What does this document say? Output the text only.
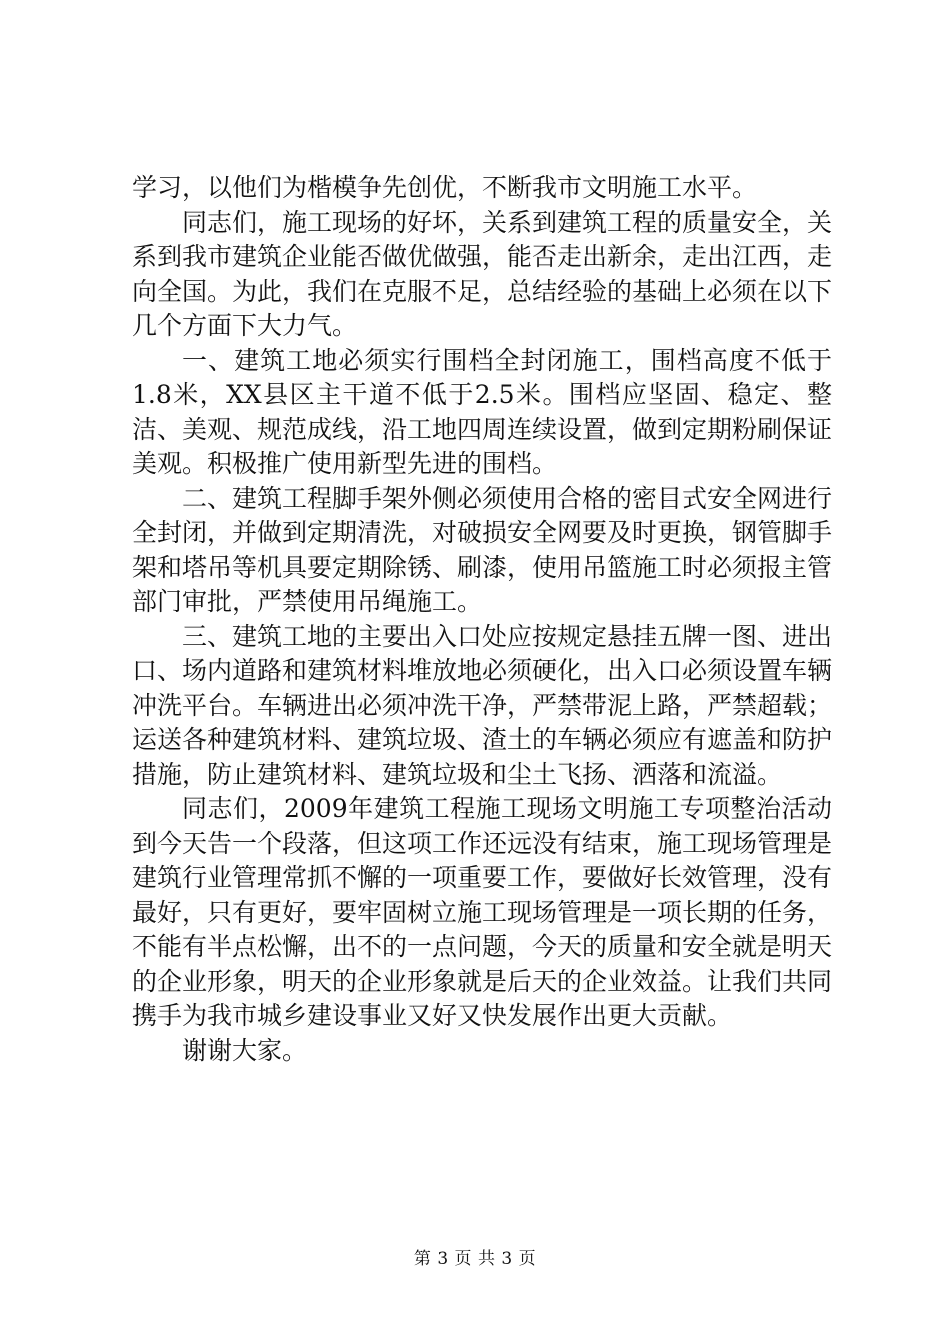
学习，以他们为楷模争先创优，不断我市文明施工水平。

同志们，施工现场的好坏，关系到建筑工程的质量安全，关系到我市建筑企业能否做优做强，能否走出新余，走出江西，走向全国。为此，我们在克服不足，总结经验的基础上必须在以下几个方面下大力气。

一、建筑工地必须实行围档全封闭施工，围档高度不低于1.8米，XX县区主干道不低于2.5米。围档应坚固、稳定、整洁、美观、规范成线，沿工地四周连续设置，做到定期粉刷保证美观。积极推广使用新型先进的围档。

二、建筑工程脚手架外侧必须使用合格的密目式安全网进行全封闭，并做到定期清洗，对破损安全网要及时更换，钢管脚手架和塔吊等机具要定期除锈、刷漆，使用吊篮施工时必须报主管部门审批，严禁使用吊绳施工。

三、建筑工地的主要出入口处应按规定悬挂五牌一图、进出口、场内道路和建筑材料堆放地必须硬化，出入口必须设置车辆冲洗平台。车辆进出必须冲洗干净，严禁带泥上路，严禁超载；运送各种建筑材料、建筑垃圾、渣土的车辆必须应有遮盖和防护措施，防止建筑材料、建筑垃圾和尘土飞扬、洒落和流溢。

同志们，2009年建筑工程施工现场文明施工专项整治活动到今天告一个段落，但这项工作还远没有结束，施工现场管理是建筑行业管理常抓不懈的一项重要工作，要做好长效管理，没有最好，只有更好，要牢固树立施工现场管理是一项长期的任务，不能有半点松懈，出不的一点问题，今天的质量和安全就是明天的企业形象，明天的企业形象就是后天的企业效益。让我们共同携手为我市城乡建设事业又好又快发展作出更大贡献。

谢谢大家。

第 3 页 共 3 页
